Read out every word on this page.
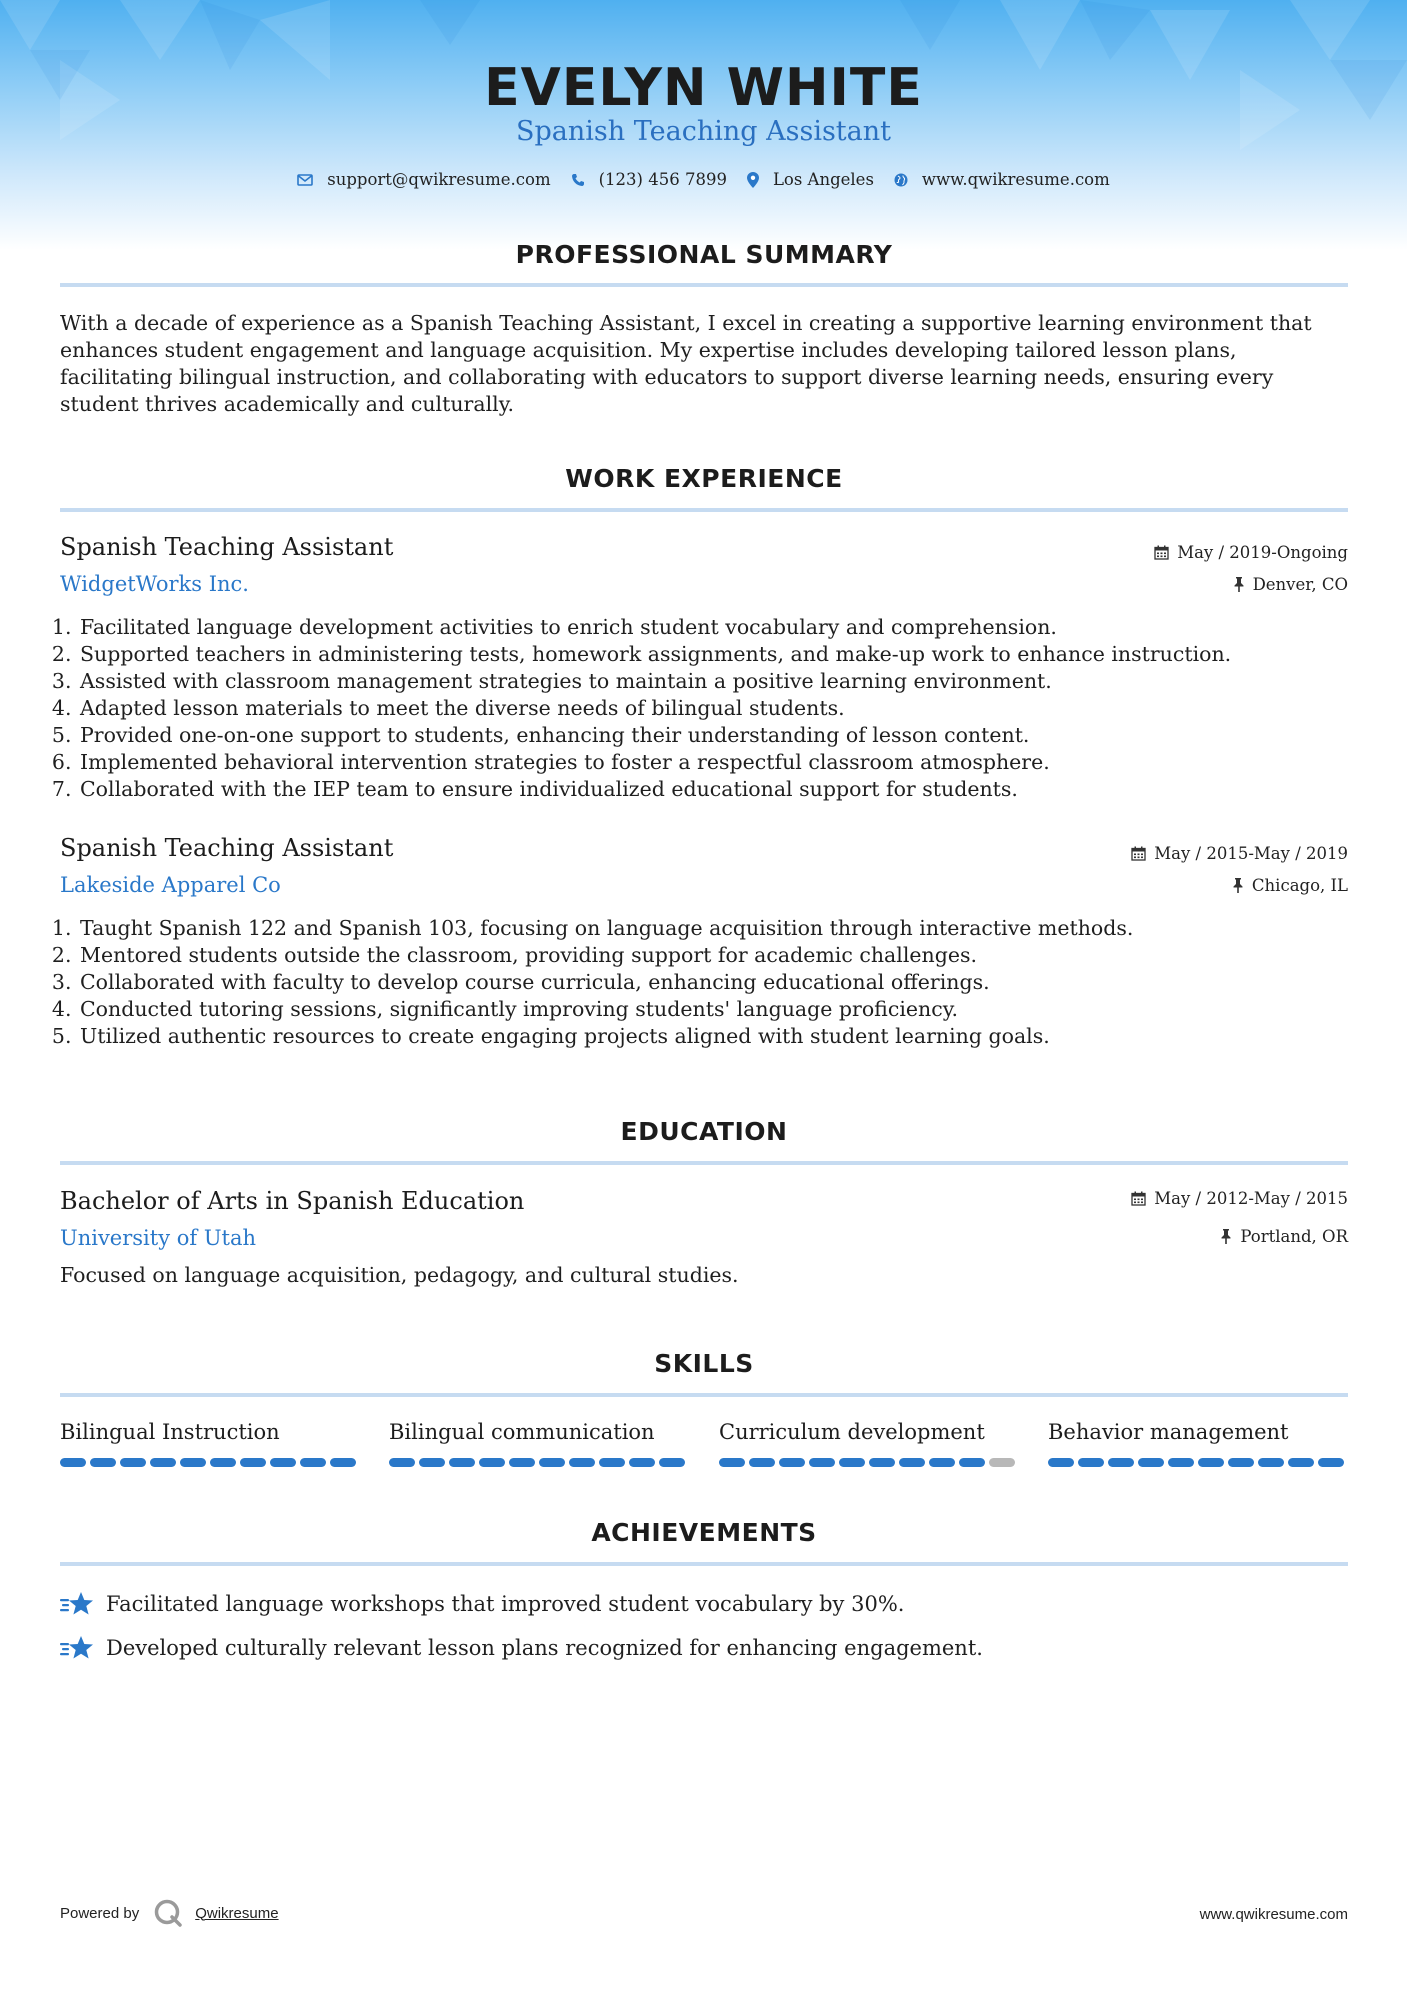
EVELYN WHITE
Spanish Teaching Assistant
support@qwikresume.com	(123) 456 7899	Los Angeles	www.qwikresume.com
PROFESSIONAL SUMMARY
With a decade of experience as a Spanish Teaching Assistant, I excel in creating a supportive learning environment that enhances student engagement and language acquisition. My expertise includes developing tailored lesson plans, facilitating bilingual instruction, and collaborating with educators to support diverse learning needs, ensuring every student thrives academically and culturally.
WORK EXPERIENCE
Spanish Teaching Assistant	May / 2019-Ongoing
WidgetWorks Inc.	Denver, CO
1. Facilitated language development activities to enrich student vocabulary and comprehension.
2. Supported teachers in administering tests, homework assignments, and make-up work to enhance instruction.
3. Assisted with classroom management strategies to maintain a positive learning environment.
4. Adapted lesson materials to meet the diverse needs of bilingual students.
5. Provided one-on-one support to students, enhancing their understanding of lesson content.
6. Implemented behavioral intervention strategies to foster a respectful classroom atmosphere.
7. Collaborated with the IEP team to ensure individualized educational support for students.
Spanish Teaching Assistant	May / 2015-May / 2019
Lakeside Apparel Co	Chicago, IL
1. Taught Spanish 122 and Spanish 103, focusing on language acquisition through interactive methods.
2. Mentored students outside the classroom, providing support for academic challenges.
3. Collaborated with faculty to develop course curricula, enhancing educational offerings.
4. Conducted tutoring sessions, significantly improving students' language proficiency.
5. Utilized authentic resources to create engaging projects aligned with student learning goals.
EDUCATION
Bachelor of Arts in Spanish Education	May / 2012-May / 2015
University of Utah	Portland, OR
Focused on language acquisition, pedagogy, and cultural studies.
SKILLS
Bilingual Instruction	Bilingual communication	Curriculum development	Behavior management
ACHIEVEMENTS
Facilitated language workshops that improved student vocabulary by 30%.
Developed culturally relevant lesson plans recognized for enhancing engagement.
Powered by	Qwikresume	www.qwikresume.com
